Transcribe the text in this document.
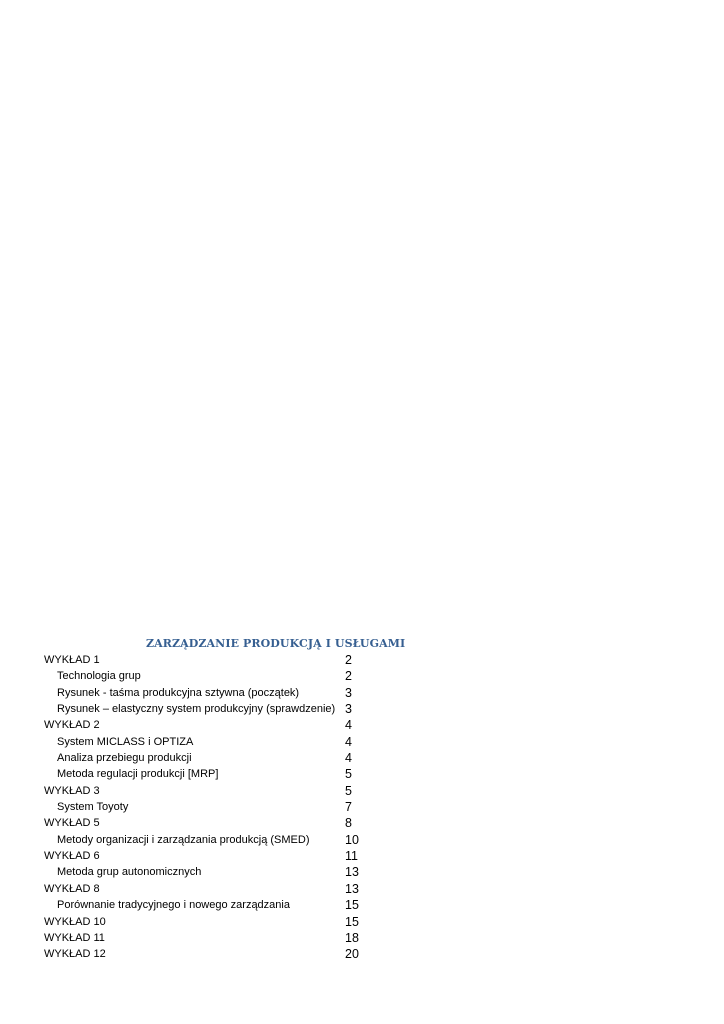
ZARZĄDZANIE PRODUKCJĄ I USŁUGAMI
WYKŁAD 1	2
Technologia grup	2
Rysunek - taśma produkcyjna sztywna (początek)	3
Rysunek – elastyczny system produkcyjny (sprawdzenie) 3
WYKŁAD 2	4
System MICLASS i OPTIZA	4
Analiza przebiegu produkcji	4
Metoda regulacji produkcji [MRP]	5
WYKŁAD 3	5
System Toyoty	7
WYKŁAD 5	8
Metody organizacji i zarządzania produkcją (SMED)	10
WYKŁAD 6	11
Metoda grup autonomicznych	13
WYKŁAD 8	13
Porównanie tradycyjnego i nowego zarządzania	15
WYKŁAD 10	15
WYKŁAD 11	18
WYKŁAD 12	20
